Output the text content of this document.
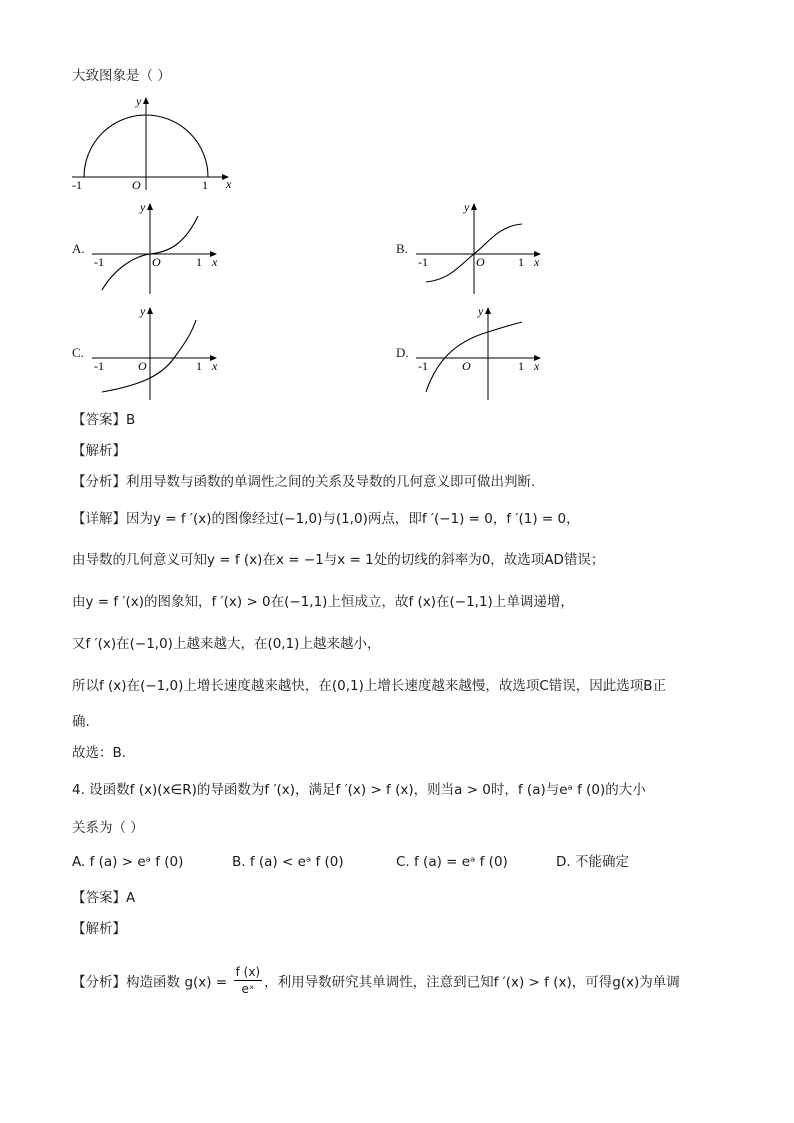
大致图象是（ ）
y
x
-1	O	1
A.
y
x
-1	O	1
B.
y
x
-1	O	1
C.
y
x
-1	O	1
D.
y
x
-1	O	1
【答案】B
【解析】
【分析】利用导数与函数的单调性之间的关系及导数的几何意义即可做出判断.
【详解】因为y = f ′(x)的图像经过(−1,0)与(1,0)两点，即f ′(−1) = 0，f ′(1) = 0，
由导数的几何意义可知y = f (x)在x = −1与x = 1处的切线的斜率为0，故选项AD错误；
由y = f ′(x)的图象知，f ′(x) > 0在(−1,1)上恒成立，故f (x)在(−1,1)上单调递增，
又f ′(x)在(−1,0)上越来越大，在(0,1)上越来越小，
所以f (x)在(−1,0)上增长速度越来越快，在(0,1)上增长速度越来越慢，故选项C错误，因此选项B正
确.
故选：B.
4. 设函数f (x)(x∈R)的导函数为f ′(x)，满足f ′(x) > f (x)，则当a > 0时，f (a)与eᵃ f (0)的大小
关系为（ ）
A. f (a) > eᵃ f (0)	B. f (a) < eᵃ f (0)	C. f (a) = eᵃ f (0)	D. 不能确定
【答案】A
【解析】
【分析】构造函数 $g(x) = \frac{f (x)}{\text{eˣ}}$ ，利用导数研究其单调性，注意到已知f ′(x) > f (x)，可得g(x)为单调
